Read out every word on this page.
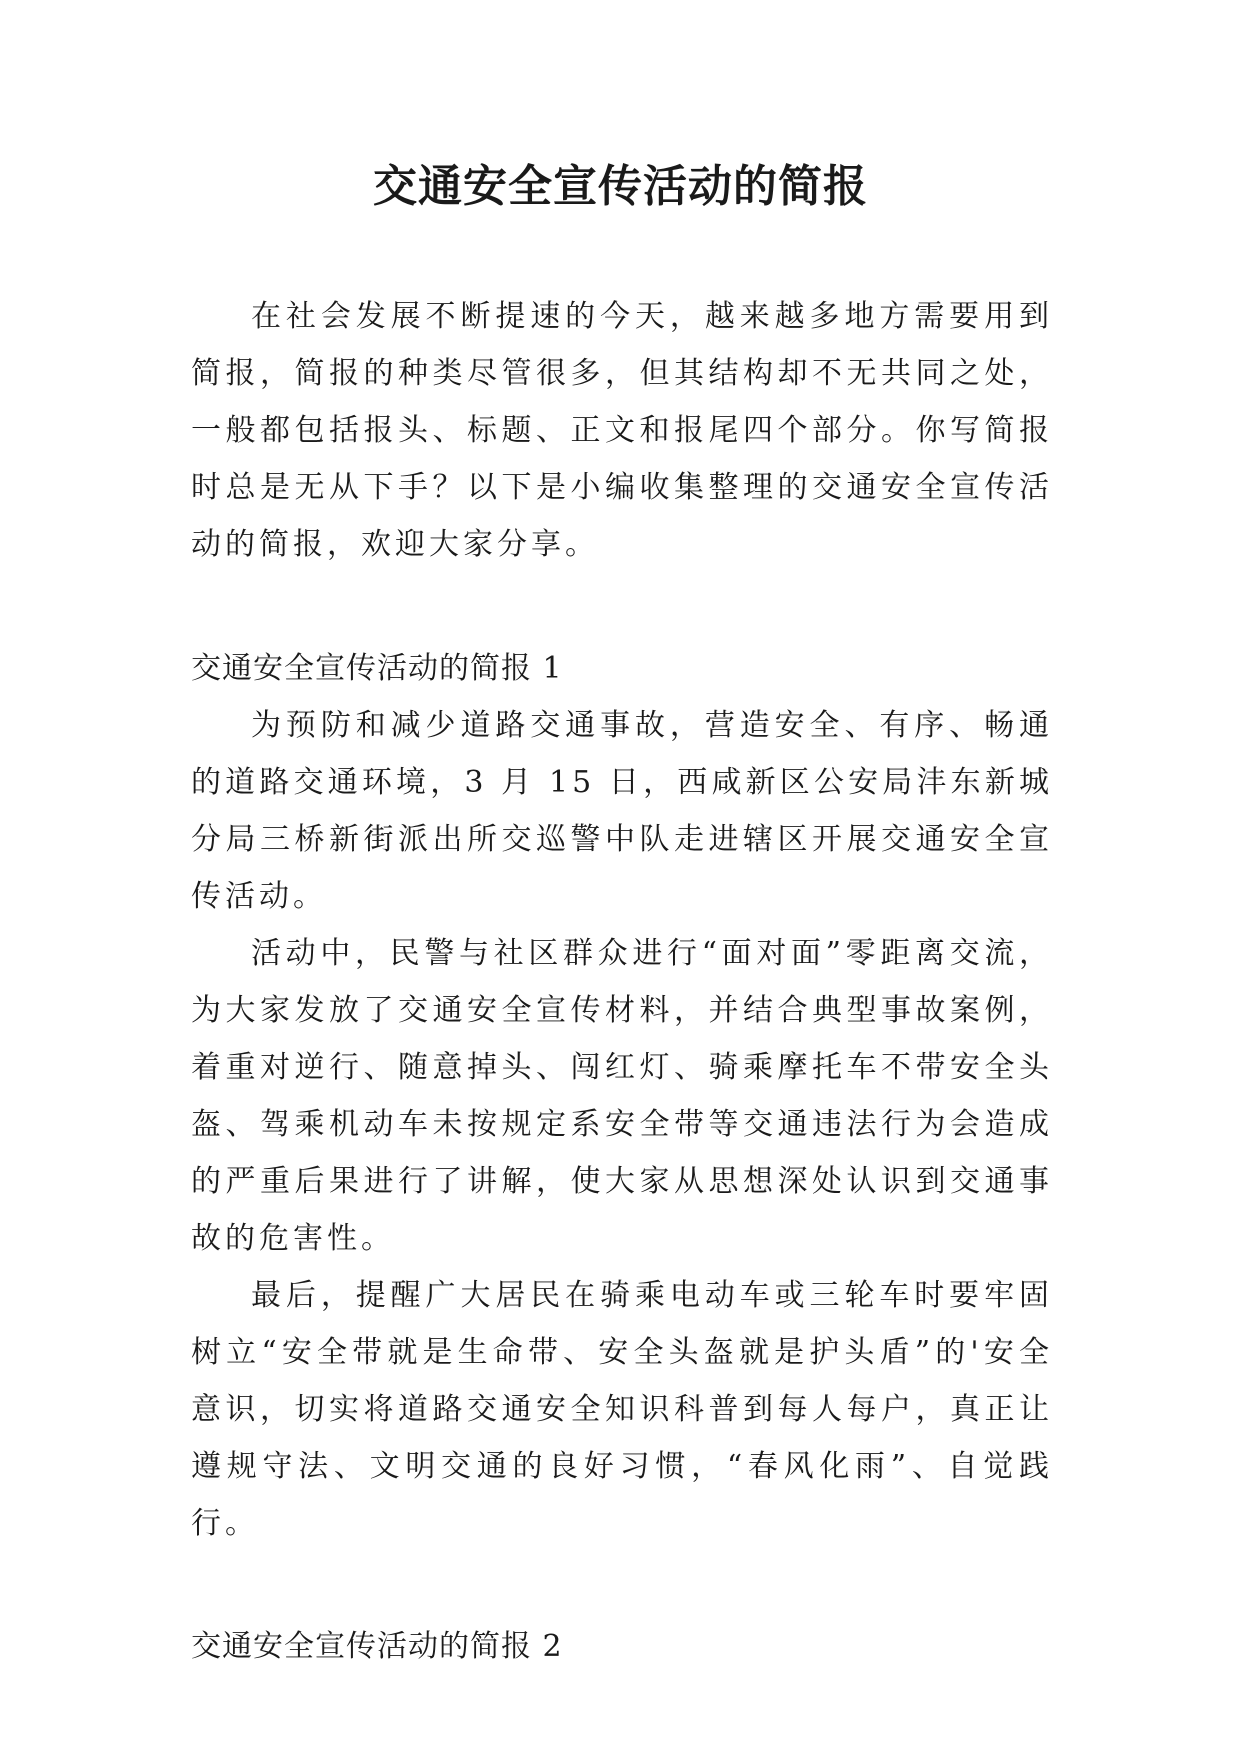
交通安全宣传活动的简报

在社会发展不断提速的今天，越来越多地方需要用到简报，简报的种类尽管很多，但其结构却不无共同之处，一般都包括报头、标题、正文和报尾四个部分。你写简报时总是无从下手？以下是小编收集整理的交通安全宣传活动的简报，欢迎大家分享。

交通安全宣传活动的简报 1

为预防和减少道路交通事故，营造安全、有序、畅通的道路交通环境，3 月 15 日，西咸新区公安局沣东新城分局三桥新街派出所交巡警中队走进辖区开展交通安全宣传活动。

活动中，民警与社区群众进行“面对面”零距离交流，为大家发放了交通安全宣传材料，并结合典型事故案例，着重对逆行、随意掉头、闯红灯、骑乘摩托车不带安全头盔、驾乘机动车未按规定系安全带等交通违法行为会造成的严重后果进行了讲解，使大家从思想深处认识到交通事故的危害性。

最后，提醒广大居民在骑乘电动车或三轮车时要牢固树立“安全带就是生命带、安全头盔就是护头盾”的'安全意识，切实将道路交通安全知识科普到每人每户，真正让遵规守法、文明交通的良好习惯，“春风化雨”、自觉践行。

交通安全宣传活动的简报 2
